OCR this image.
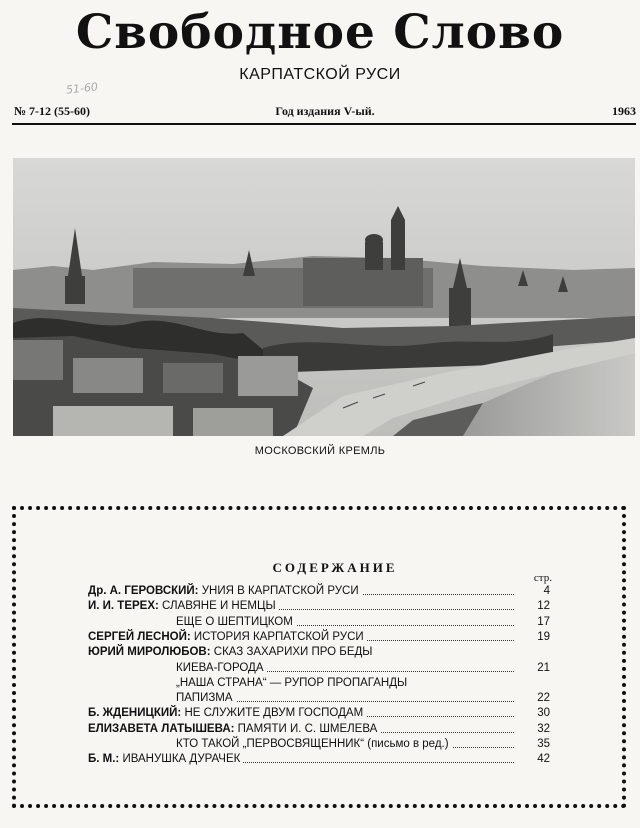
Свободное Слово
КАРПАТСКОЙ РУСИ
51-60
№ 7-12 (55-60)	Год издания V-ый.	1963
МОСКОВСКИЙ КРЕМЛЬ
СОДЕРЖАНИЕ
стр.
Др. А. ГЕРОВСКИЙ: УНИЯ В КАРПАТСКОЙ РУСИ	4
И. И. ТЕРЕХ: СЛАВЯНЕ И НЕМЦЫ	12
ЕЩЕ О ШЕПТИЦКОМ	17
СЕРГЕЙ ЛЕСНОЙ: ИСТОРИЯ КАРПАТСКОЙ РУСИ	19
ЮРИЙ МИРОЛЮБОВ: СКАЗ ЗАХАРИХИ ПРО БЕДЫ
КИЕВА-ГОРОДА	21
„НАША СТРАНА“ — РУПОР ПРОПАГАНДЫ
ПАПИЗМА	22
Б. ЖДЕНИЦКИЙ: НЕ СЛУЖИТЕ ДВУМ ГОСПОДАМ	30
ЕЛИЗАВЕТА ЛАТЫШЕВА: ПАМЯТИ И. С. ШМЕЛЕВА	32
КТО ТАКОЙ „ПЕРВОСВЯЩЕННИК“ (письмо в ред.)	35
Б. М.: ИВАНУШКА ДУРАЧЕК	42
